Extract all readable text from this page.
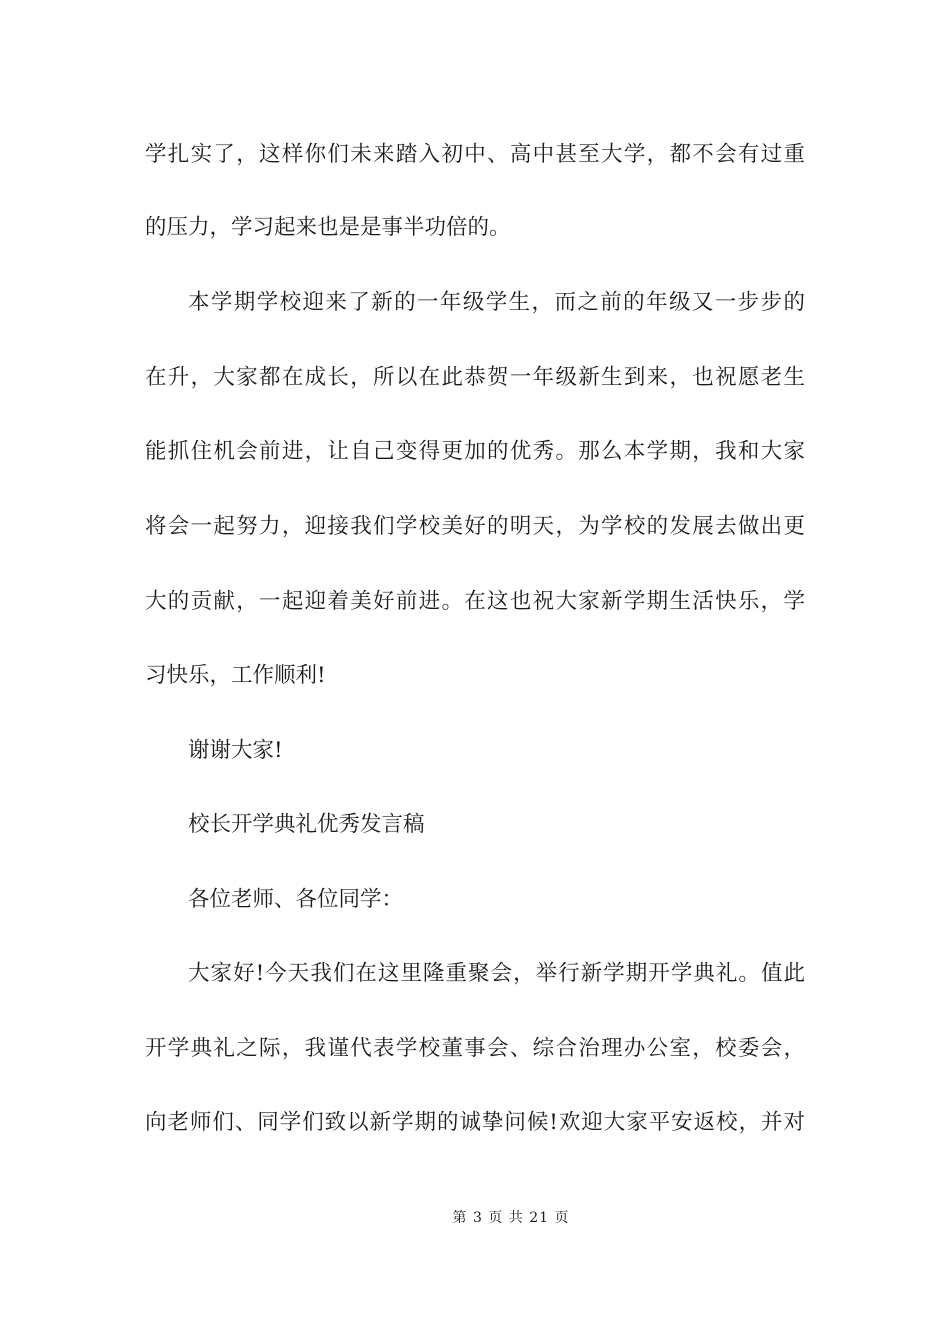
学扎实了，这样你们未来踏入初中、高中甚至大学，都不会有过重
的压力，学习起来也是是事半功倍的。
本学期学校迎来了新的一年级学生，而之前的年级又一步步的
在升，大家都在成长，所以在此恭贺一年级新生到来，也祝愿老生
能抓住机会前进，让自己变得更加的优秀。那么本学期，我和大家
将会一起努力，迎接我们学校美好的明天，为学校的发展去做出更
大的贡献，一起迎着美好前进。在这也祝大家新学期生活快乐，学
习快乐，工作顺利!
谢谢大家!
校长开学典礼优秀发言稿
各位老师、各位同学：
大家好!今天我们在这里隆重聚会，举行新学期开学典礼。值此
开学典礼之际，我谨代表学校董事会、综合治理办公室，校委会，
向老师们、同学们致以新学期的诚挚问候!欢迎大家平安返校，并对
第 3 页 共 21 页
